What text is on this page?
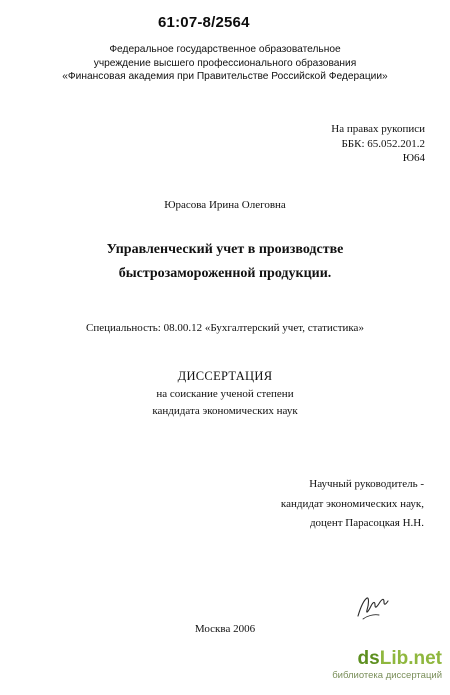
61:07-8/2564
Федеральное государственное образовательное
учреждение высшего профессионального образования
«Финансовая академия при Правительстве Российской Федерации»
На правах рукописи
ББК: 65.052.201.2
Ю64
Юрасова Ирина Олеговна
Управленческий учет в производстве
быстрозамороженной продукции.
Специальность: 08.00.12 «Бухгалтерский учет, статистика»
ДИССЕРТАЦИЯ
на соискание ученой степени
кандидата экономических наук
Научный руководитель -
кандидат экономических наук,
доцент Парасоцкая Н.Н.
Москва 2006
dsLib.net
библиотека диссертаций
